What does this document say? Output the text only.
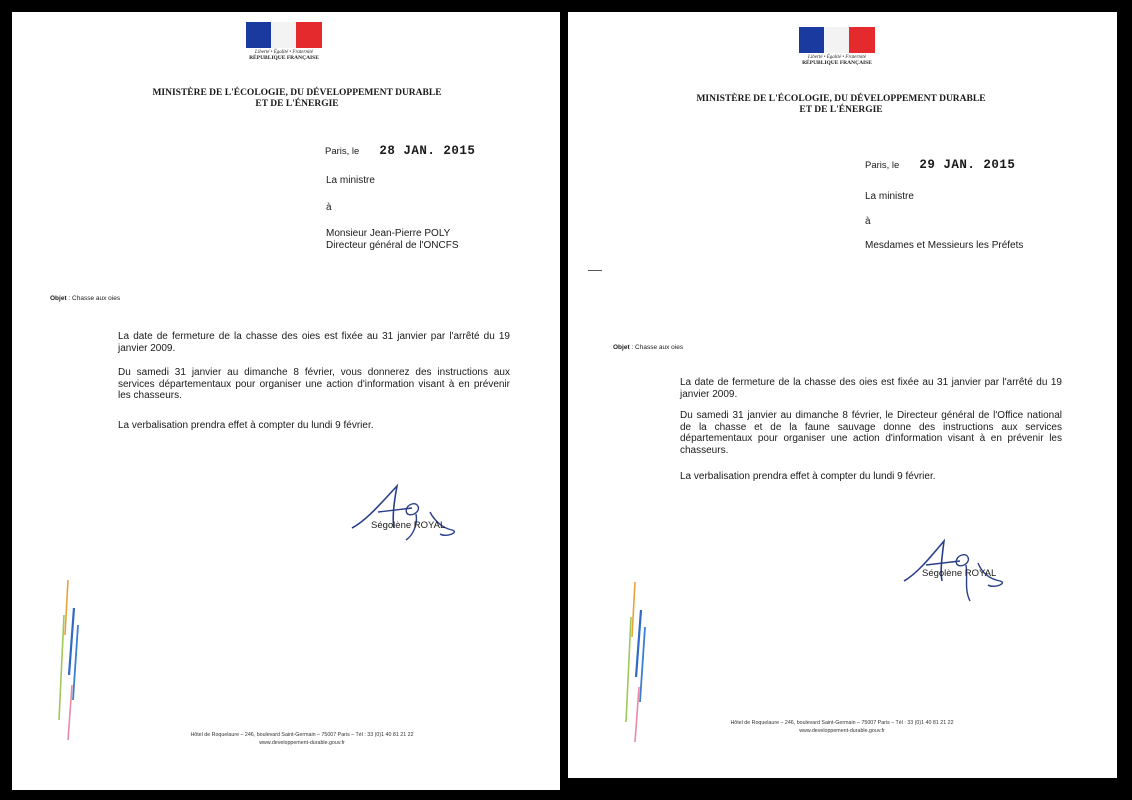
Liberté • Égalité • Fraternité
RÉPUBLIQUE FRANÇAISE
MINISTÈRE DE L'ÉCOLOGIE, DU DÉVELOPPEMENT DURABLE
ET DE L'ÉNERGIE
Paris, le 28 JAN. 2015
La ministre
à
Monsieur Jean-Pierre POLY
Directeur général de l'ONCFS
Objet : Chasse aux oies
La date de fermeture de la chasse des oies est fixée au 31 janvier par l'arrêté du 19 janvier 2009.
Du samedi 31 janvier au dimanche 8 février, vous donnerez des instructions aux services départementaux pour organiser une action d'information visant à en prévenir les chasseurs.
La verbalisation prendra effet à compter du lundi 9 février.
Ségolène ROYAL
Hôtel de Roquelaure – 246, boulevard Saint-Germain – 75007 Paris – Tél : 33 (0)1 40 81 21 22
www.developpement-durable.gouv.fr
Liberté • Égalité • Fraternité
RÉPUBLIQUE FRANÇAISE
MINISTÈRE DE L'ÉCOLOGIE, DU DÉVELOPPEMENT DURABLE
ET DE L'ÉNERGIE
Paris, le 29 JAN. 2015
La ministre
à
Mesdames et Messieurs les Préfets
Objet : Chasse aux oies
La date de fermeture de la chasse des oies est fixée au 31 janvier par l'arrêté du 19 janvier 2009.
Du samedi 31 janvier au dimanche 8 février, le Directeur général de l'Office national de la chasse et de la faune sauvage donne des instructions aux services départementaux pour organiser une action d'information visant à en prévenir les chasseurs.
La verbalisation prendra effet à compter du lundi 9 février.
Ségolène ROYAL
Hôtel de Roquelaure – 246, boulevard Saint-Germain – 75007 Paris – Tél : 33 (0)1 40 81 21 22
www.developpement-durable.gouv.fr
